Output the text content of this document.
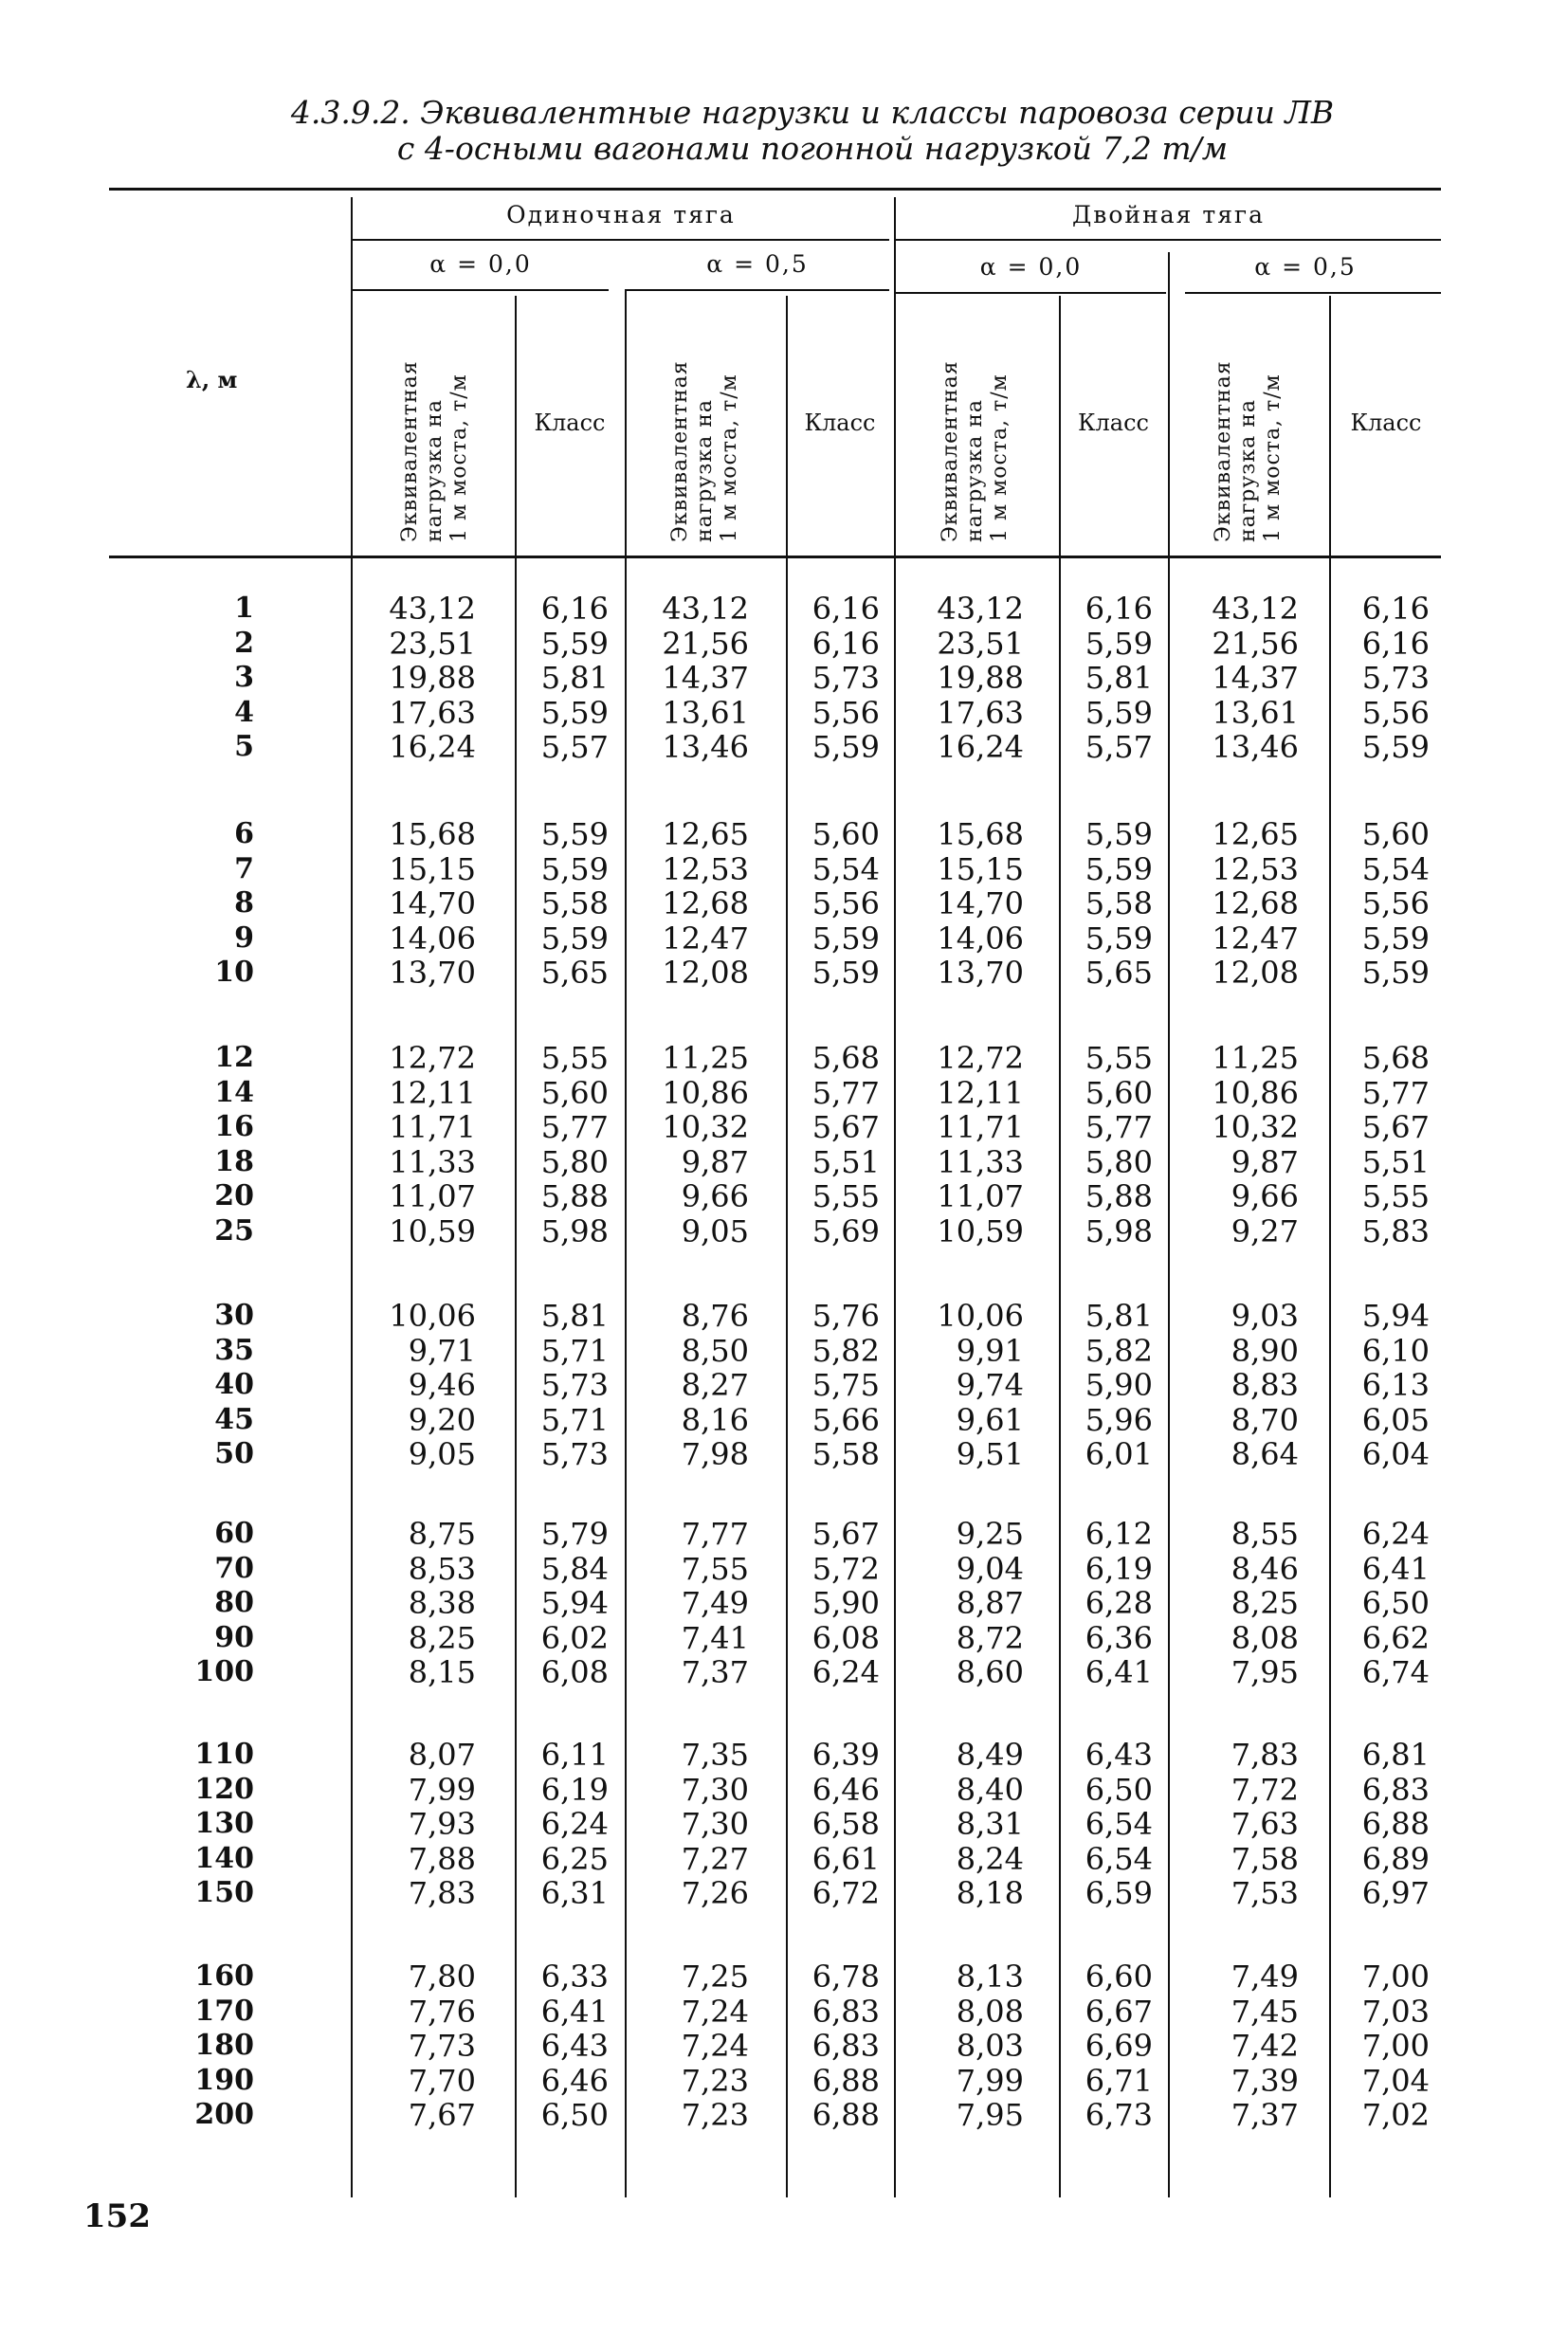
4.3.9.2. Эквивалентные нагрузки и классы паровоза серии ЛВ
с 4-осными вагонами погонной нагрузкой 7,2 т/м
λ, м
Одиночная тяга	Двойная тяга
α = 0,0	α = 0,5	α = 0,0	α = 0,5
Эквивалентная
нагрузка на
1 м моста, т/м	Эквивалентная
нагрузка на
1 м моста, т/м	Эквивалентная
нагрузка на
1 м моста, т/м	Эквивалентная
нагрузка на
1 м моста, т/м
Класс	Класс	Класс	Класс
1	43,12	6,16	43,12	6,16	43,12	6,16	43,12	6,16
2	23,51	5,59	21,56	6,16	23,51	5,59	21,56	6,16
3	19,88	5,81	14,37	5,73	19,88	5,81	14,37	5,73
4	17,63	5,59	13,61	5,56	17,63	5,59	13,61	5,56
5	16,24	5,57	13,46	5,59	16,24	5,57	13,46	5,59
6	15,68	5,59	12,65	5,60	15,68	5,59	12,65	5,60
7	15,15	5,59	12,53	5,54	15,15	5,59	12,53	5,54
8	14,70	5,58	12,68	5,56	14,70	5,58	12,68	5,56
9	14,06	5,59	12,47	5,59	14,06	5,59	12,47	5,59
10	13,70	5,65	12,08	5,59	13,70	5,65	12,08	5,59
12	12,72	5,55	11,25	5,68	12,72	5,55	11,25	5,68
14	12,11	5,60	10,86	5,77	12,11	5,60	10,86	5,77
16	11,71	5,77	10,32	5,67	11,71	5,77	10,32	5,67
18	11,33	5,80	9,87	5,51	11,33	5,80	9,87	5,51
20	11,07	5,88	9,66	5,55	11,07	5,88	9,66	5,55
25	10,59	5,98	9,05	5,69	10,59	5,98	9,27	5,83
30	10,06	5,81	8,76	5,76	10,06	5,81	9,03	5,94
35	9,71	5,71	8,50	5,82	9,91	5,82	8,90	6,10
40	9,46	5,73	8,27	5,75	9,74	5,90	8,83	6,13
45	9,20	5,71	8,16	5,66	9,61	5,96	8,70	6,05
50	9,05	5,73	7,98	5,58	9,51	6,01	8,64	6,04
60	8,75	5,79	7,77	5,67	9,25	6,12	8,55	6,24
70	8,53	5,84	7,55	5,72	9,04	6,19	8,46	6,41
80	8,38	5,94	7,49	5,90	8,87	6,28	8,25	6,50
90	8,25	6,02	7,41	6,08	8,72	6,36	8,08	6,62
100	8,15	6,08	7,37	6,24	8,60	6,41	7,95	6,74
110	8,07	6,11	7,35	6,39	8,49	6,43	7,83	6,81
120	7,99	6,19	7,30	6,46	8,40	6,50	7,72	6,83
130	7,93	6,24	7,30	6,58	8,31	6,54	7,63	6,88
140	7,88	6,25	7,27	6,61	8,24	6,54	7,58	6,89
150	7,83	6,31	7,26	6,72	8,18	6,59	7,53	6,97
160	7,80	6,33	7,25	6,78	8,13	6,60	7,49	7,00
170	7,76	6,41	7,24	6,83	8,08	6,67	7,45	7,03
180	7,73	6,43	7,24	6,83	8,03	6,69	7,42	7,00
190	7,70	6,46	7,23	6,88	7,99	6,71	7,39	7,04
200	7,67	6,50	7,23	6,88	7,95	6,73	7,37	7,02
152
